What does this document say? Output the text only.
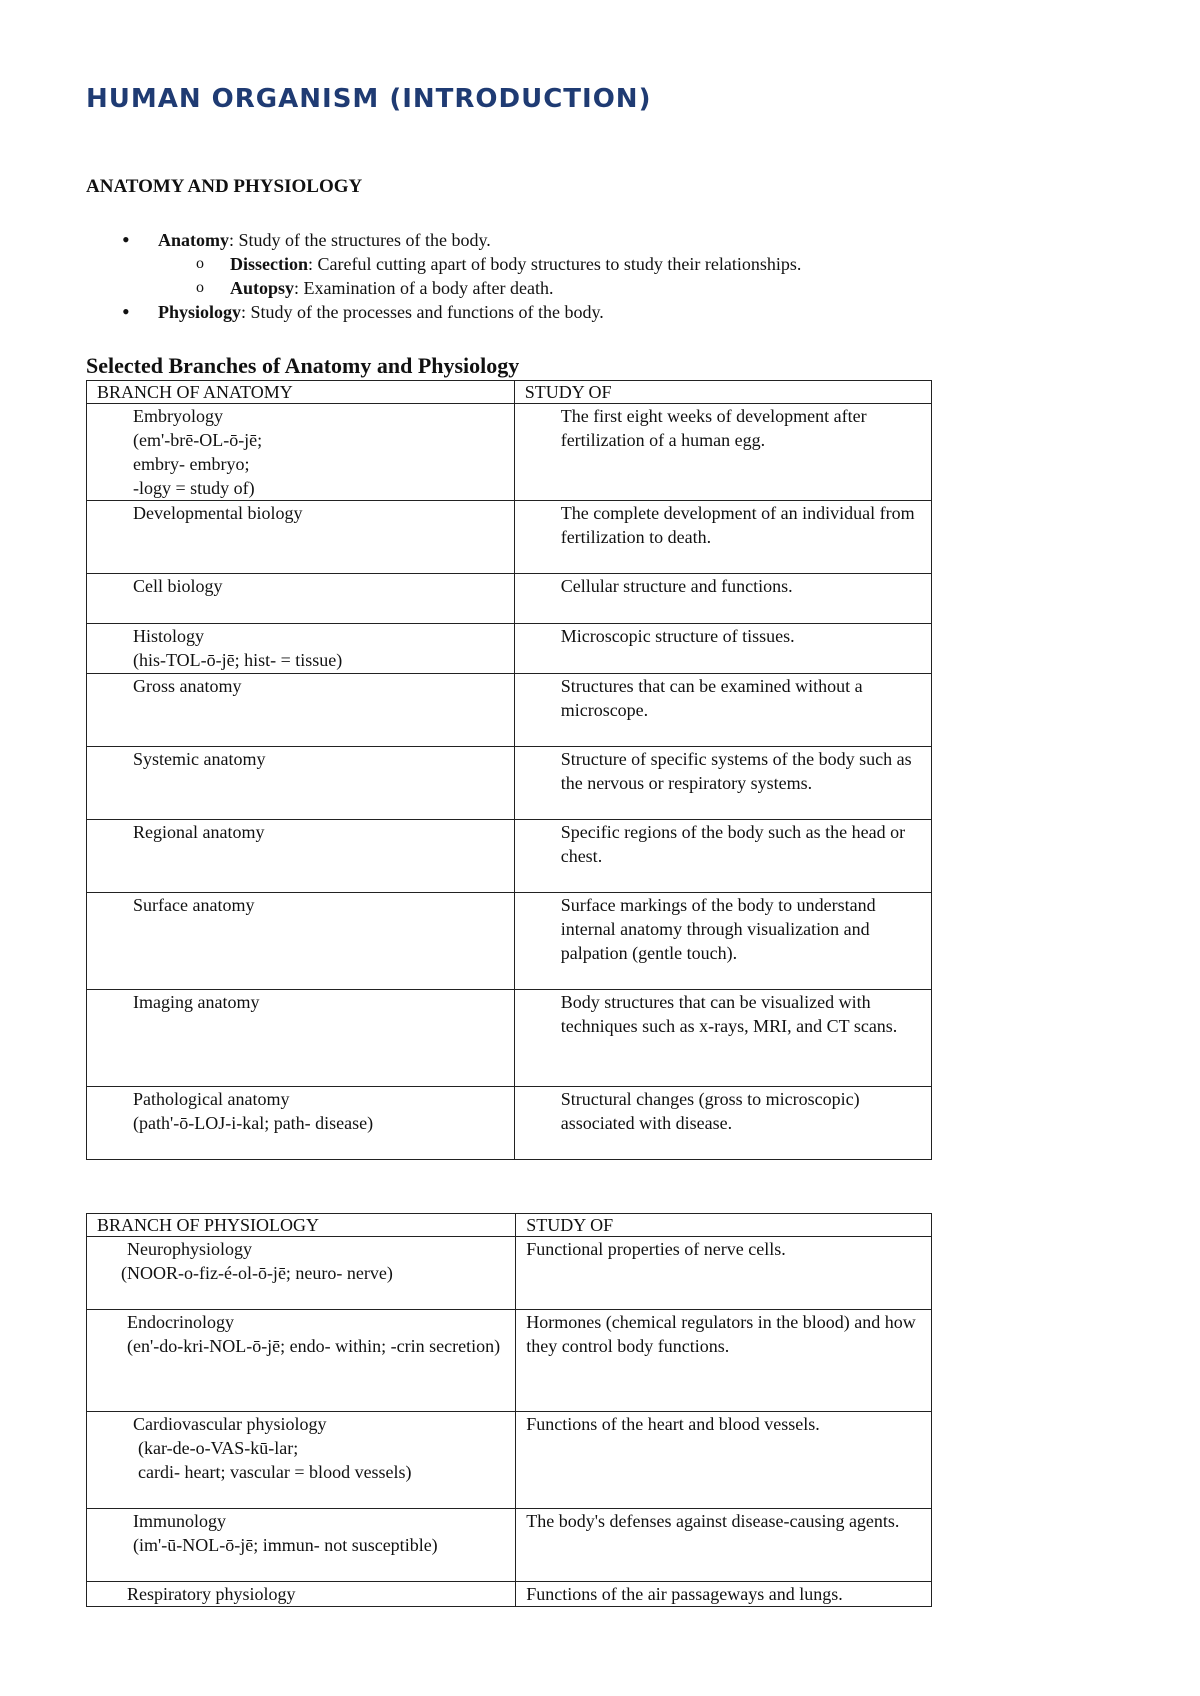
HUMAN ORGANISM (INTRODUCTION)
ANATOMY AND PHYSIOLOGY
• Anatomy: Study of the structures of the body.
o Dissection: Careful cutting apart of body structures to study their relationships.
o Autopsy: Examination of a body after death.
• Physiology: Study of the processes and functions of the body.
Selected Branches of Anatomy and Physiology
BRANCH OF ANATOMY	STUDY OF

Embryology
(em'-brē-OL-ō-jē;
embry- embryo;
-logy = study of)	The first eight weeks of development after fertilization of a human egg.

Developmental biology	The complete development of an individual from fertilization to death.

Cell biology	Cellular structure and functions.

Histology
(his-TOL-ō-jē; hist- = tissue)	Microscopic structure of tissues.

Gross anatomy	Structures that can be examined without a microscope.

Systemic anatomy	Structure of specific systems of the body such as the nervous or respiratory systems.

Regional anatomy	Specific regions of the body such as the head or chest.

Surface anatomy	Surface markings of the body to understand internal anatomy through visualization and palpation (gentle touch).

Imaging anatomy	Body structures that can be visualized with techniques such as x-rays, MRI, and CT scans.

Pathological anatomy
(path'-ō-LOJ-i-kal; path- disease)	Structural changes (gross to microscopic) associated with disease.
BRANCH OF PHYSIOLOGY	STUDY OF

Neurophysiology
(NOOR-o-fiz-é-ol-ō-jē; neuro- nerve)	Functional properties of nerve cells.

Endocrinology
(en'-do-kri-NOL-ō-jē; endo- within; -crin secretion)	Hormones (chemical regulators in the blood) and how they control body functions.

Cardiovascular physiology
(kar-de-o-VAS-kū-lar;
cardi- heart; vascular = blood vessels)	Functions of the heart and blood vessels.

Immunology
(im'-ū-NOL-ō-jē; immun- not susceptible)	The body's defenses against disease-causing agents.

Respiratory physiology	Functions of the air passageways and lungs.
